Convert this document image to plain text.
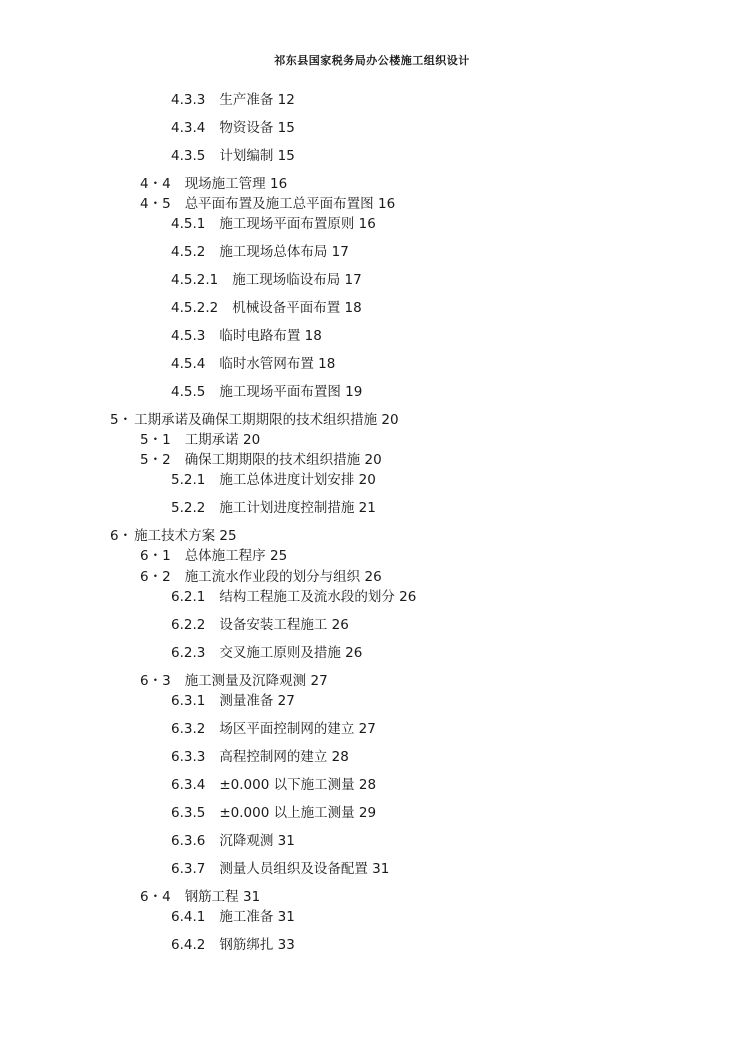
祁东县国家税务局办公楼施工组织设计
4.3.3 生产准备 12
4.3.4 物资设备 15
4.3.5 计划编制 15
4・4 现场施工管理 16
4・5 总平面布置及施工总平面布置图 16
4.5.1 施工现场平面布置原则 16
4.5.2 施工现场总体布局 17
4.5.2.1 施工现场临设布局 17
4.5.2.2 机械设备平面布置 18
4.5.3 临时电路布置 18
4.5.4 临时水管网布置 18
4.5.5 施工现场平面布置图 19
5・ 工期承诺及确保工期期限的技术组织措施 20
5・1 工期承诺 20
5・2 确保工期期限的技术组织措施 20
5.2.1 施工总体进度计划安排 20
5.2.2 施工计划进度控制措施 21
6・ 施工技术方案 25
6・1 总体施工程序 25
6・2 施工流水作业段的划分与组织 26
6.2.1 结构工程施工及流水段的划分 26
6.2.2 设备安装工程施工 26
6.2.3 交叉施工原则及措施 26
6・3 施工测量及沉降观测 27
6.3.1 测量准备 27
6.3.2 场区平面控制网的建立 27
6.3.3 高程控制网的建立 28
6.3.4 ±0.000 以下施工测量 28
6.3.5 ±0.000 以上施工测量 29
6.3.6 沉降观测 31
6.3.7 测量人员组织及设备配置 31
6・4 钢筋工程 31
6.4.1 施工准备 31
6.4.2 钢筋绑扎 33
